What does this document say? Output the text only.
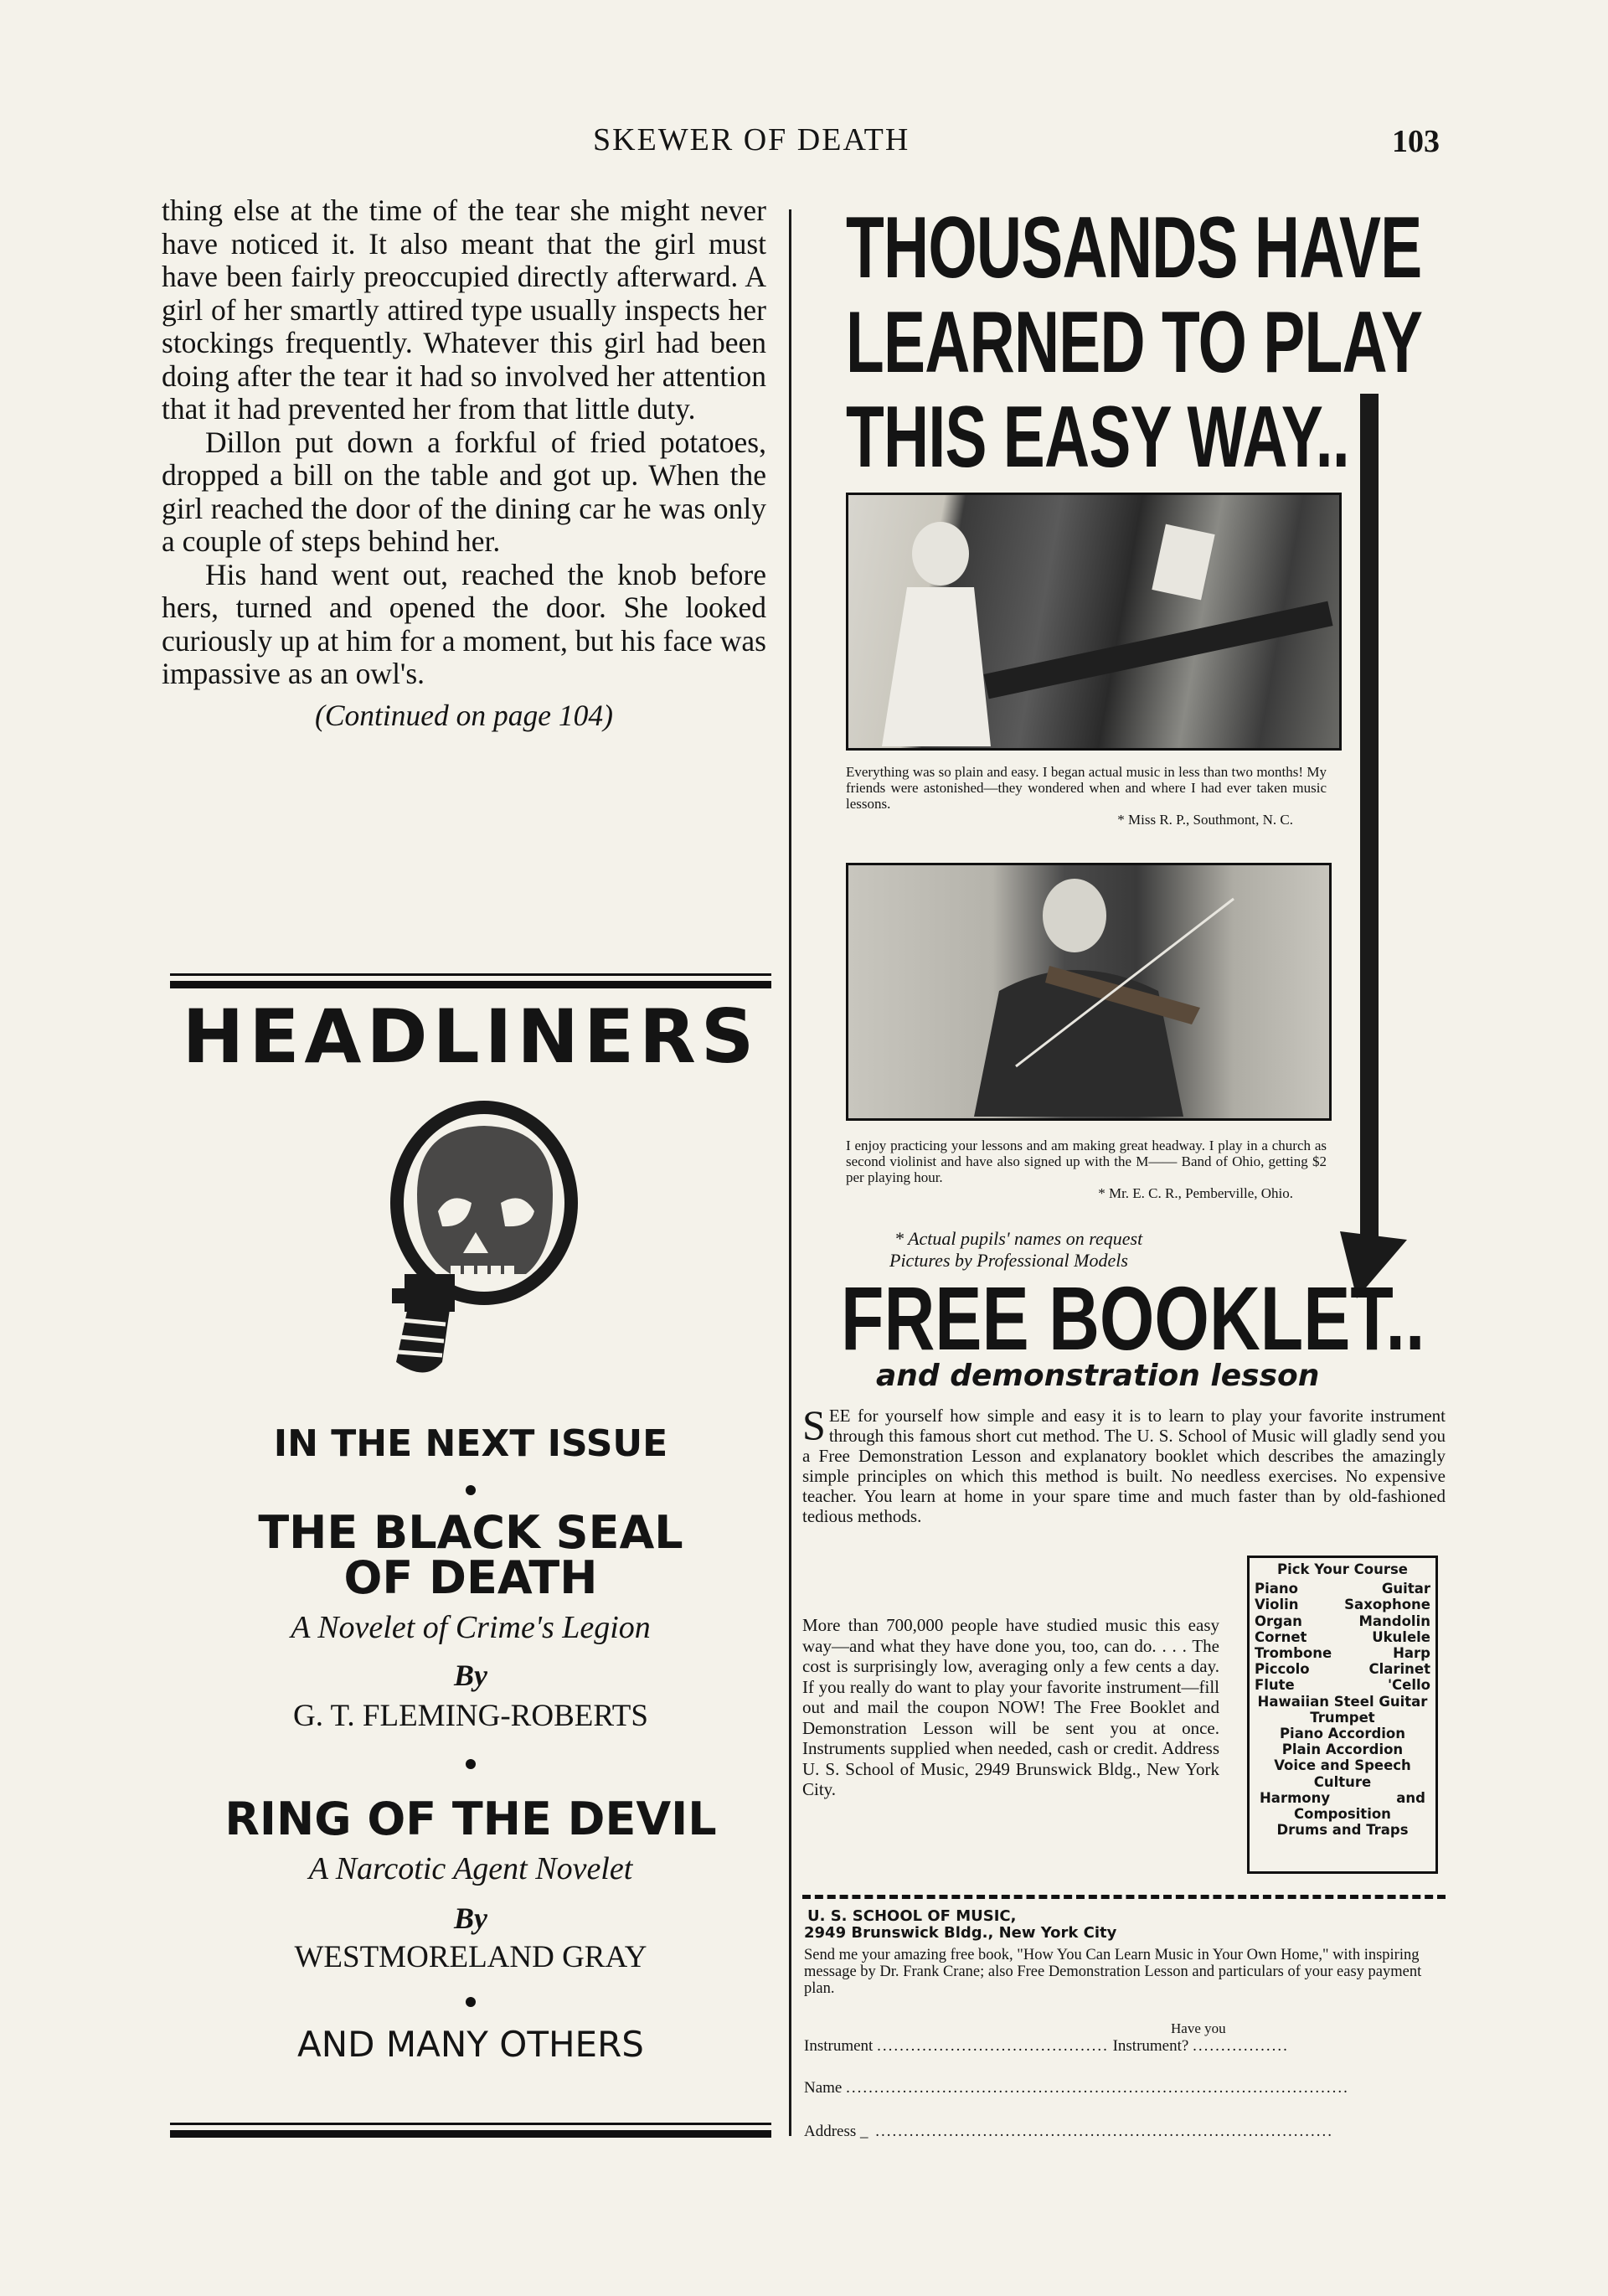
SKEWER OF DEATH	103

thing else at the time of the tear she might never have noticed it. It also meant that the girl must have been fairly preoccupied directly afterward. A girl of her smartly attired type usually inspects her stockings frequently. Whatever this girl had been doing after the tear it had so involved her attention that it had prevented her from that little duty.

Dillon put down a forkful of fried potatoes, dropped a bill on the table and got up. When the girl reached the door of the dining car he was only a couple of steps behind her.

His hand went out, reached the knob before hers, turned and opened the door. She looked curiously up at him for a moment, but his face was impassive as an owl's.

(Continued on page 104)

HEADLINERS
IN THE NEXT ISSUE
THE BLACK SEAL
OF DEATH
A Novelet of Crime's Legion
By
G. T. FLEMING-ROBERTS
RING OF THE DEVIL
A Narcotic Agent Novelet
By
WESTMORELAND GRAY
AND MANY OTHERS
THOUSANDS HAVE
LEARNED TO PLAY
THIS EASY WAY..
Everything was so plain and easy. I began actual music in less than two months! My friends were astonished—they wondered when and where I had ever taken music lessons.
* Miss R. P., Southmont, N. C.
I enjoy practicing your lessons and am making great headway. I play in a church as second violinist and have also signed up with the M—— Band of Ohio, getting $2 per playing hour.
* Mr. E. C. R., Pemberville, Ohio.
* Actual pupils' names on request
Pictures by Professional Models
FREE BOOKLET..
and demonstration lesson
SEE for yourself how simple and easy it is to learn to play your favorite instrument through this famous short cut method. The U. S. School of Music will gladly send you a Free Demonstration Lesson and explanatory booklet which describes the amazingly simple principles on which this method is built. No needless exercises. No expensive teacher. You learn at home in your spare time and much faster than by old-fashioned tedious methods.
More than 700,000 people have studied music this easy way—and what they have done you, too, can do. . . . The cost is surprisingly low, averaging only a few cents a day. If you really do want to play your favorite instrument—fill out and mail the coupon NOW! The Free Booklet and Demonstration Lesson will be sent you at once. Instruments supplied when needed, cash or credit. Address U. S. School of Music, 2949 Brunswick Bldg., New York City.
Pick Your Course
Piano	Guitar
Violin	Saxophone
Organ	Mandolin
Cornet	Ukulele
Trombone	Harp
Piccolo	Clarinet
Flute	'Cello
Hawaiian Steel Guitar
Trumpet
Piano Accordion
Plain Accordion
Voice and Speech Culture
Harmony	and
Composition
Drums and Traps
U. S. SCHOOL OF MUSIC,
2949 Brunswick Bldg., New York City
Send me your amazing free book, "How You Can Learn Music in Your Own Home," with inspiring message by Dr. Frank Crane; also Free Demonstration Lesson and particulars of your easy payment plan.
Have you
Instrument ......................................... Instrument? .................
Name .........................................................................................
Address _ .................................................................................
